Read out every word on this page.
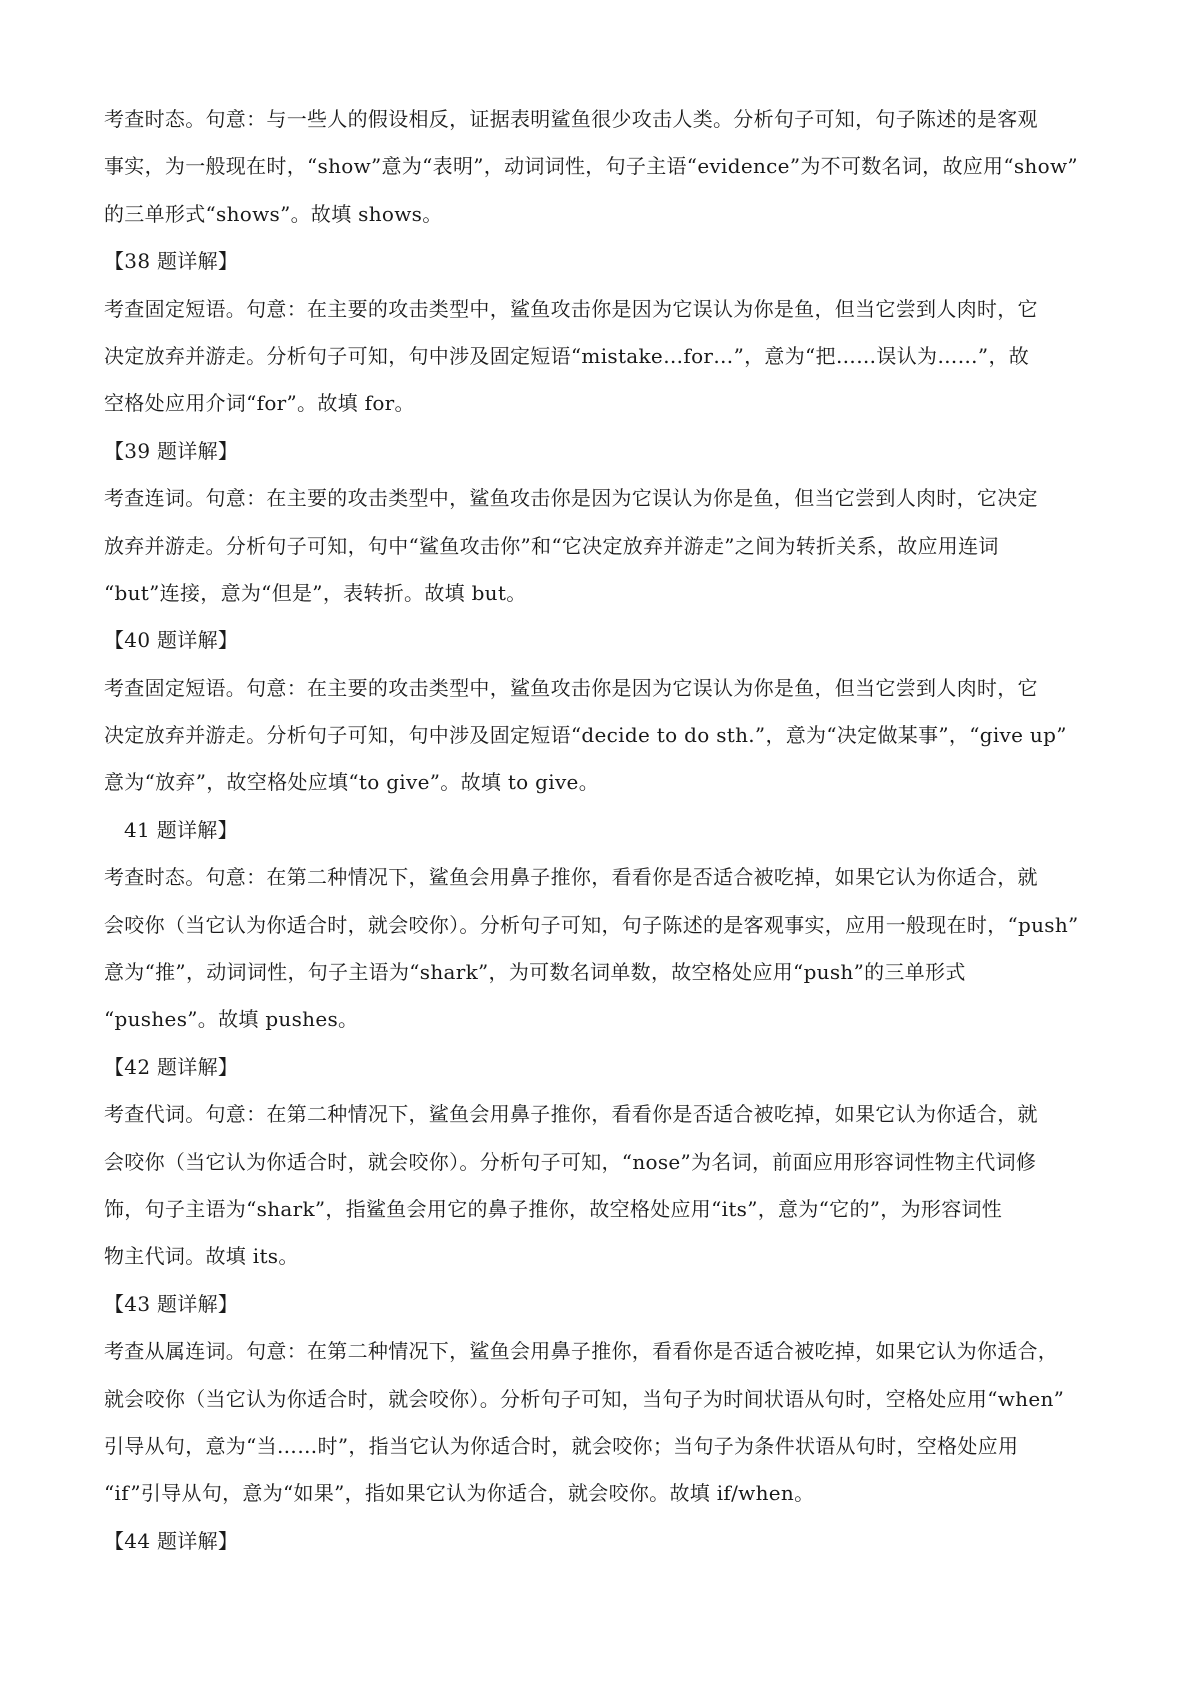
考查时态。句意：与一些人的假设相反，证据表明鲨鱼很少攻击人类。分析句子可知，句子陈述的是客观
事实，为一般现在时，“show”意为“表明”，动词词性，句子主语“evidence”为不可数名词，故应用“show”
的三单形式“shows”。故填 shows。
【38 题详解】
考查固定短语。句意：在主要的攻击类型中，鲨鱼攻击你是因为它误认为你是鱼，但当它尝到人肉时，它
决定放弃并游走。分析句子可知，句中涉及固定短语“mistake…for…”，意为“把……误认为……”，故
空格处应用介词“for”。故填 for。
【39 题详解】
考查连词。句意：在主要的攻击类型中，鲨鱼攻击你是因为它误认为你是鱼，但当它尝到人肉时，它决定
放弃并游走。分析句子可知，句中“鲨鱼攻击你”和“它决定放弃并游走”之间为转折关系，故应用连词
“but”连接，意为“但是”，表转折。故填 but。
【40 题详解】
考查固定短语。句意：在主要的攻击类型中，鲨鱼攻击你是因为它误认为你是鱼，但当它尝到人肉时，它
决定放弃并游走。分析句子可知，句中涉及固定短语“decide to do sth.”，意为“决定做某事”，“give up”
意为“放弃”，故空格处应填“to give”。故填 to give。
41 题详解】
考查时态。句意：在第二种情况下，鲨鱼会用鼻子推你，看看你是否适合被吃掉，如果它认为你适合，就
会咬你（当它认为你适合时，就会咬你）。分析句子可知，句子陈述的是客观事实，应用一般现在时，“push”
意为“推”，动词词性，句子主语为“shark”，为可数名词单数，故空格处应用“push”的三单形式
“pushes”。故填 pushes。
【42 题详解】
考查代词。句意：在第二种情况下，鲨鱼会用鼻子推你，看看你是否适合被吃掉，如果它认为你适合，就
会咬你（当它认为你适合时，就会咬你）。分析句子可知，“nose”为名词，前面应用形容词性物主代词修
饰，句子主语为“shark”，指鲨鱼会用它的鼻子推你，故空格处应用“its”，意为“它的”，为形容词性
物主代词。故填 its。
【43 题详解】
考查从属连词。句意：在第二种情况下，鲨鱼会用鼻子推你，看看你是否适合被吃掉，如果它认为你适合，
就会咬你（当它认为你适合时，就会咬你）。分析句子可知，当句子为时间状语从句时，空格处应用“when”
引导从句，意为“当……时”，指当它认为你适合时，就会咬你；当句子为条件状语从句时，空格处应用
“if”引导从句，意为“如果”，指如果它认为你适合，就会咬你。故填 if/when。
【44 题详解】
